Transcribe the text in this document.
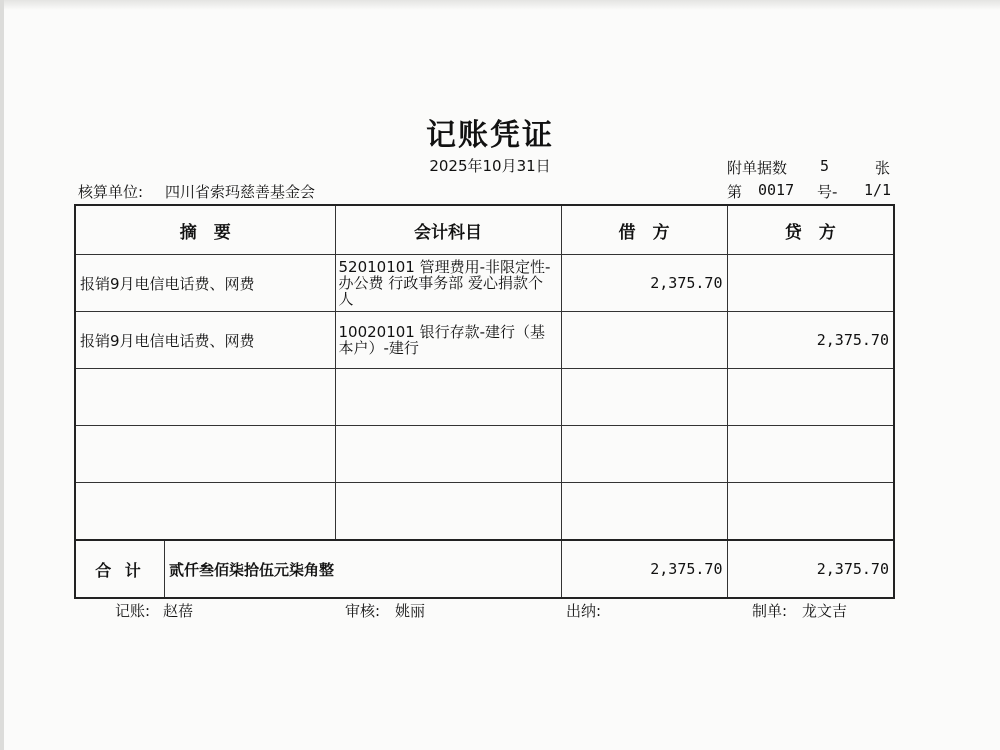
记账凭证
2025年10月31日	附单据数 5	张
核算单位: 四川省索玛慈善基金会	第 0017 号- 1/1
摘　要	会计科目	借　方	贷　方
报销9月电信电话费、网费	52010101 管理费用-非限定性-办公费 行政事务部 爱心捐款个人	2,375.70	
报销9月电信电话费、网费	10020101 银行存款-建行（基本户）-建行		2,375.70

合 计 贰仟叁佰柒拾伍元柒角整		2,375.70	2,375.70
记账: 赵蓓	审核: 姚丽	出纳:	制单: 龙文吉
